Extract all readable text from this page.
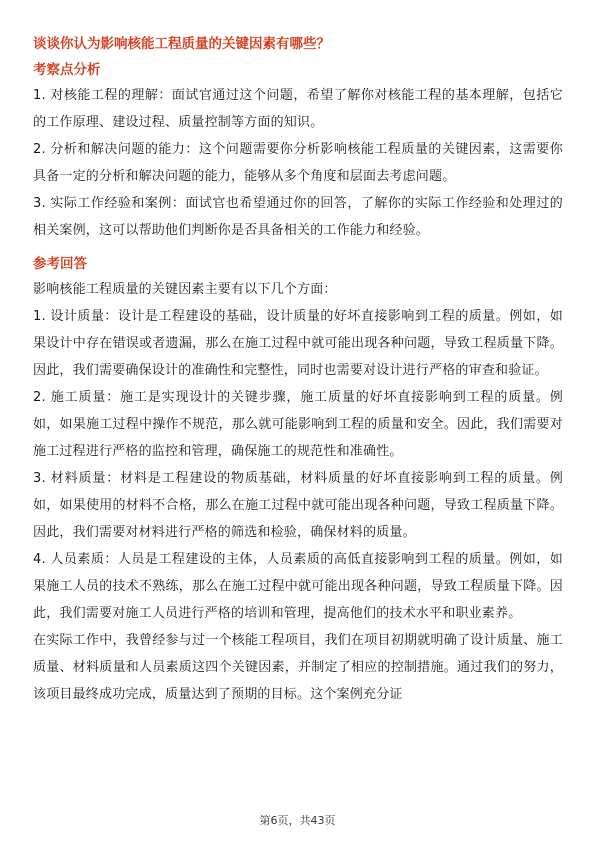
谈谈你认为影响核能工程质量的关键因素有哪些？

考察点分析

1. 对核能工程的理解：面试官通过这个问题，希望了解你对核能工程的基本理解，包括它的工作原理、建设过程、质量控制等方面的知识。

2. 分析和解决问题的能力：这个问题需要你分析影响核能工程质量的关键因素，这需要你具备一定的分析和解决问题的能力，能够从多个角度和层面去考虑问题。

3. 实际工作经验和案例：面试官也希望通过你的回答，了解你的实际工作经验和处理过的相关案例，这可以帮助他们判断你是否具备相关的工作能力和经验。

参考回答

影响核能工程质量的关键因素主要有以下几个方面：

1. 设计质量：设计是工程建设的基础，设计质量的好坏直接影响到工程的质量。例如，如果设计中存在错误或者遗漏，那么在施工过程中就可能出现各种问题，导致工程质量下降。因此，我们需要确保设计的准确性和完整性，同时也需要对设计进行严格的审查和验证。

2. 施工质量：施工是实现设计的关键步骤，施工质量的好坏直接影响到工程的质量。例如，如果施工过程中操作不规范，那么就可能影响到工程的质量和安全。因此，我们需要对施工过程进行严格的监控和管理，确保施工的规范性和准确性。

3. 材料质量：材料是工程建设的物质基础，材料质量的好坏直接影响到工程的质量。例如，如果使用的材料不合格，那么在施工过程中就可能出现各种问题，导致工程质量下降。因此，我们需要对材料进行严格的筛选和检验，确保材料的质量。

4. 人员素质：人员是工程建设的主体，人员素质的高低直接影响到工程的质量。例如，如果施工人员的技术不熟练，那么在施工过程中就可能出现各种问题，导致工程质量下降。因此，我们需要对施工人员进行严格的培训和管理，提高他们的技术水平和职业素养。

在实际工作中，我曾经参与过一个核能工程项目，我们在项目初期就明确了设计质量、施工质量、材料质量和人员素质这四个关键因素，并制定了相应的控制措施。通过我们的努力，该项目最终成功完成，质量达到了预期的目标。这个案例充分证

第6页，共43页
